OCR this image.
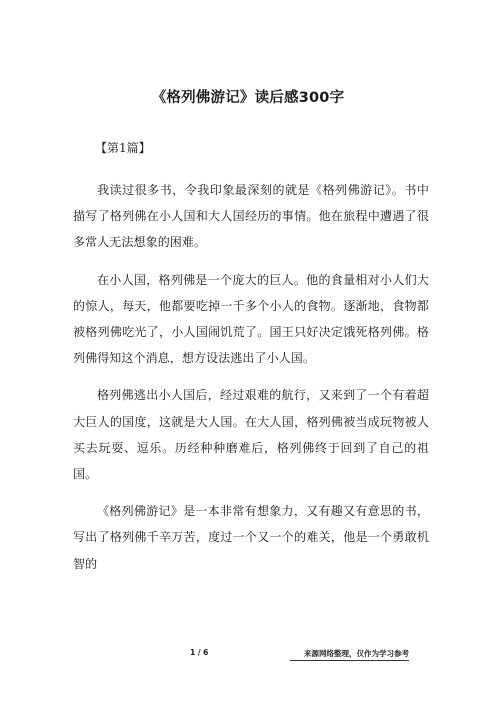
《格列佛游记》读后感300字

【第1篇】

我读过很多书，令我印象最深刻的就是《格列佛游记》。书中描写了格列佛在小人国和大人国经历的事情。他在旅程中遭遇了很多常人无法想象的困难。

在小人国，格列佛是一个庞大的巨人。他的食量相对小人们大的惊人，每天，他都要吃掉一千多个小人的食物。逐渐地，食物都被格列佛吃光了，小人国闹饥荒了。国王只好决定饿死格列佛。格列佛得知这个消息，想方设法逃出了小人国。

格列佛逃出小人国后，经过艰难的航行，又来到了一个有着超大巨人的国度，这就是大人国。在大人国，格列佛被当成玩物被人买去玩耍、逗乐。历经种种磨难后，格列佛终于回到了自己的祖国。

《格列佛游记》是一本非常有想象力，又有趣又有意思的书，写出了格列佛千辛万苦，度过一个又一个的难关，他是一个勇敢机智的

1 / 6	来源网络整理，仅作为学习参考
